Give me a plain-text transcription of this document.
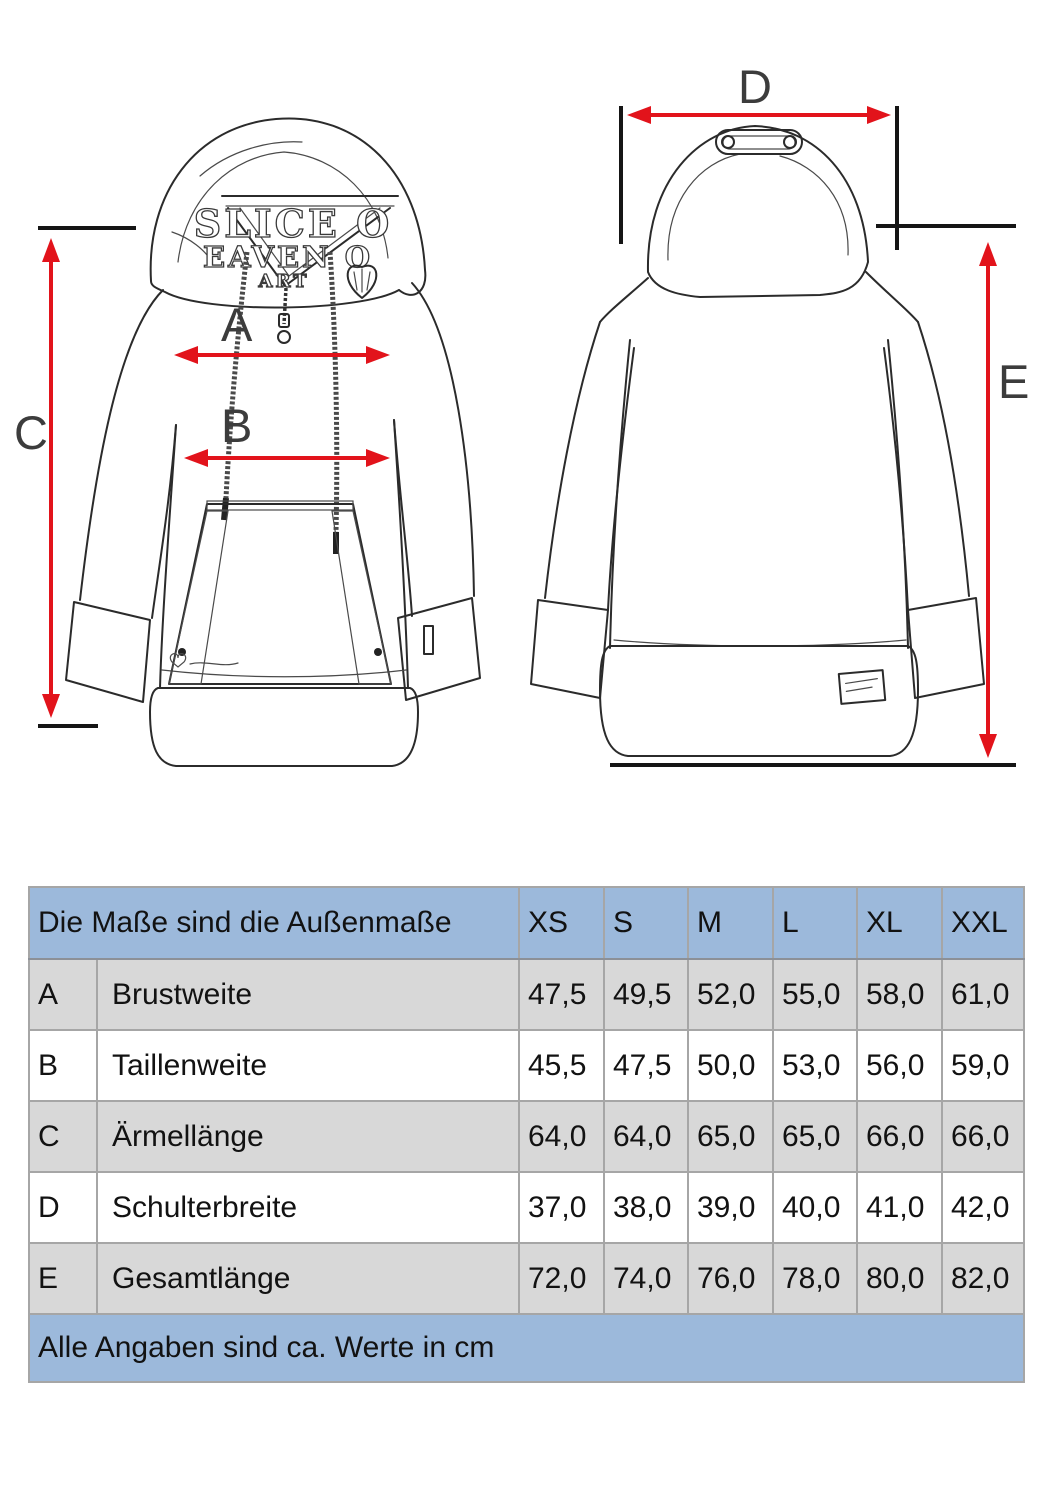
SLICE O
EAVEN O
ART
A
B
C
D
E
Die Maße sind die Außenmaße		XS	S	M	L	XL	XXL
A	Brustweite	47,5	49,5	52,0	55,0	58,0	61,0
B	Taillenweite	45,5	47,5	50,0	53,0	56,0	59,0
C	Ärmellänge	64,0	64,0	65,0	65,0	66,0	66,0
D	Schulterbreite	37,0	38,0	39,0	40,0	41,0	42,0
E	Gesamtlänge	72,0	74,0	76,0	78,0	80,0	82,0
Alle Angaben sind ca. Werte in cm							
